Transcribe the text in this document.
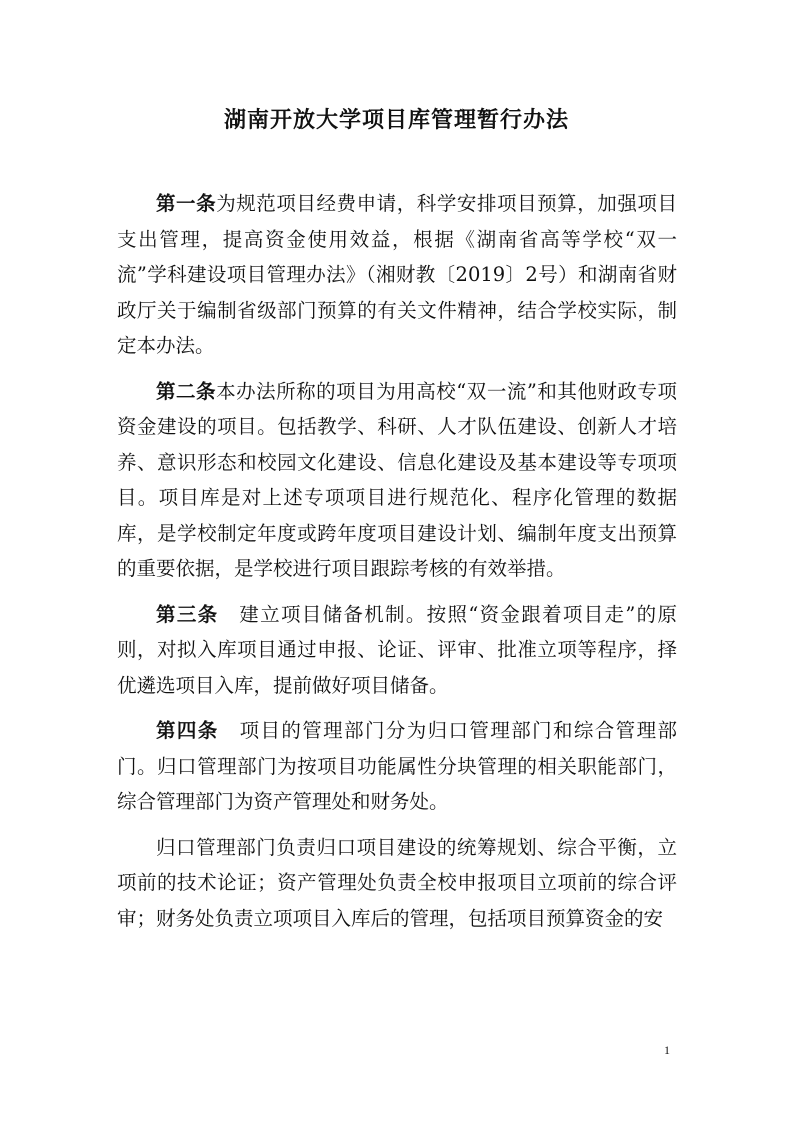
湖南开放大学项目库管理暂行办法

第一条为规范项目经费申请，科学安排项目预算，加强项目支出管理，提高资金使用效益，根据《湖南省高等学校“双一流”学科建设项目管理办法》（湘财教〔2019〕2号）和湖南省财政厅关于编制省级部门预算的有关文件精神，结合学校实际，制定本办法。

第二条本办法所称的项目为用高校“双一流”和其他财政专项资金建设的项目。包括教学、科研、人才队伍建设、创新人才培养、意识形态和校园文化建设、信息化建设及基本建设等专项项目。项目库是对上述专项项目进行规范化、程序化管理的数据库，是学校制定年度或跨年度项目建设计划、编制年度支出预算的重要依据，是学校进行项目跟踪考核的有效举措。

第三条　 建立项目储备机制。按照“资金跟着项目走”的原则，对拟入库项目通过申报、论证、评审、批准立项等程序，择优遴选项目入库，提前做好项目储备。

第四条　 项目的管理部门分为归口管理部门和综合管理部门。归口管理部门为按项目功能属性分块管理的相关职能部门，综合管理部门为资产管理处和财务处。

归口管理部门负责归口项目建设的统筹规划、综合平衡，立项前的技术论证；资产管理处负责全校申报项目立项前的综合评审；财务处负责立项项目入库后的管理，包括项目预算资金的安

1
